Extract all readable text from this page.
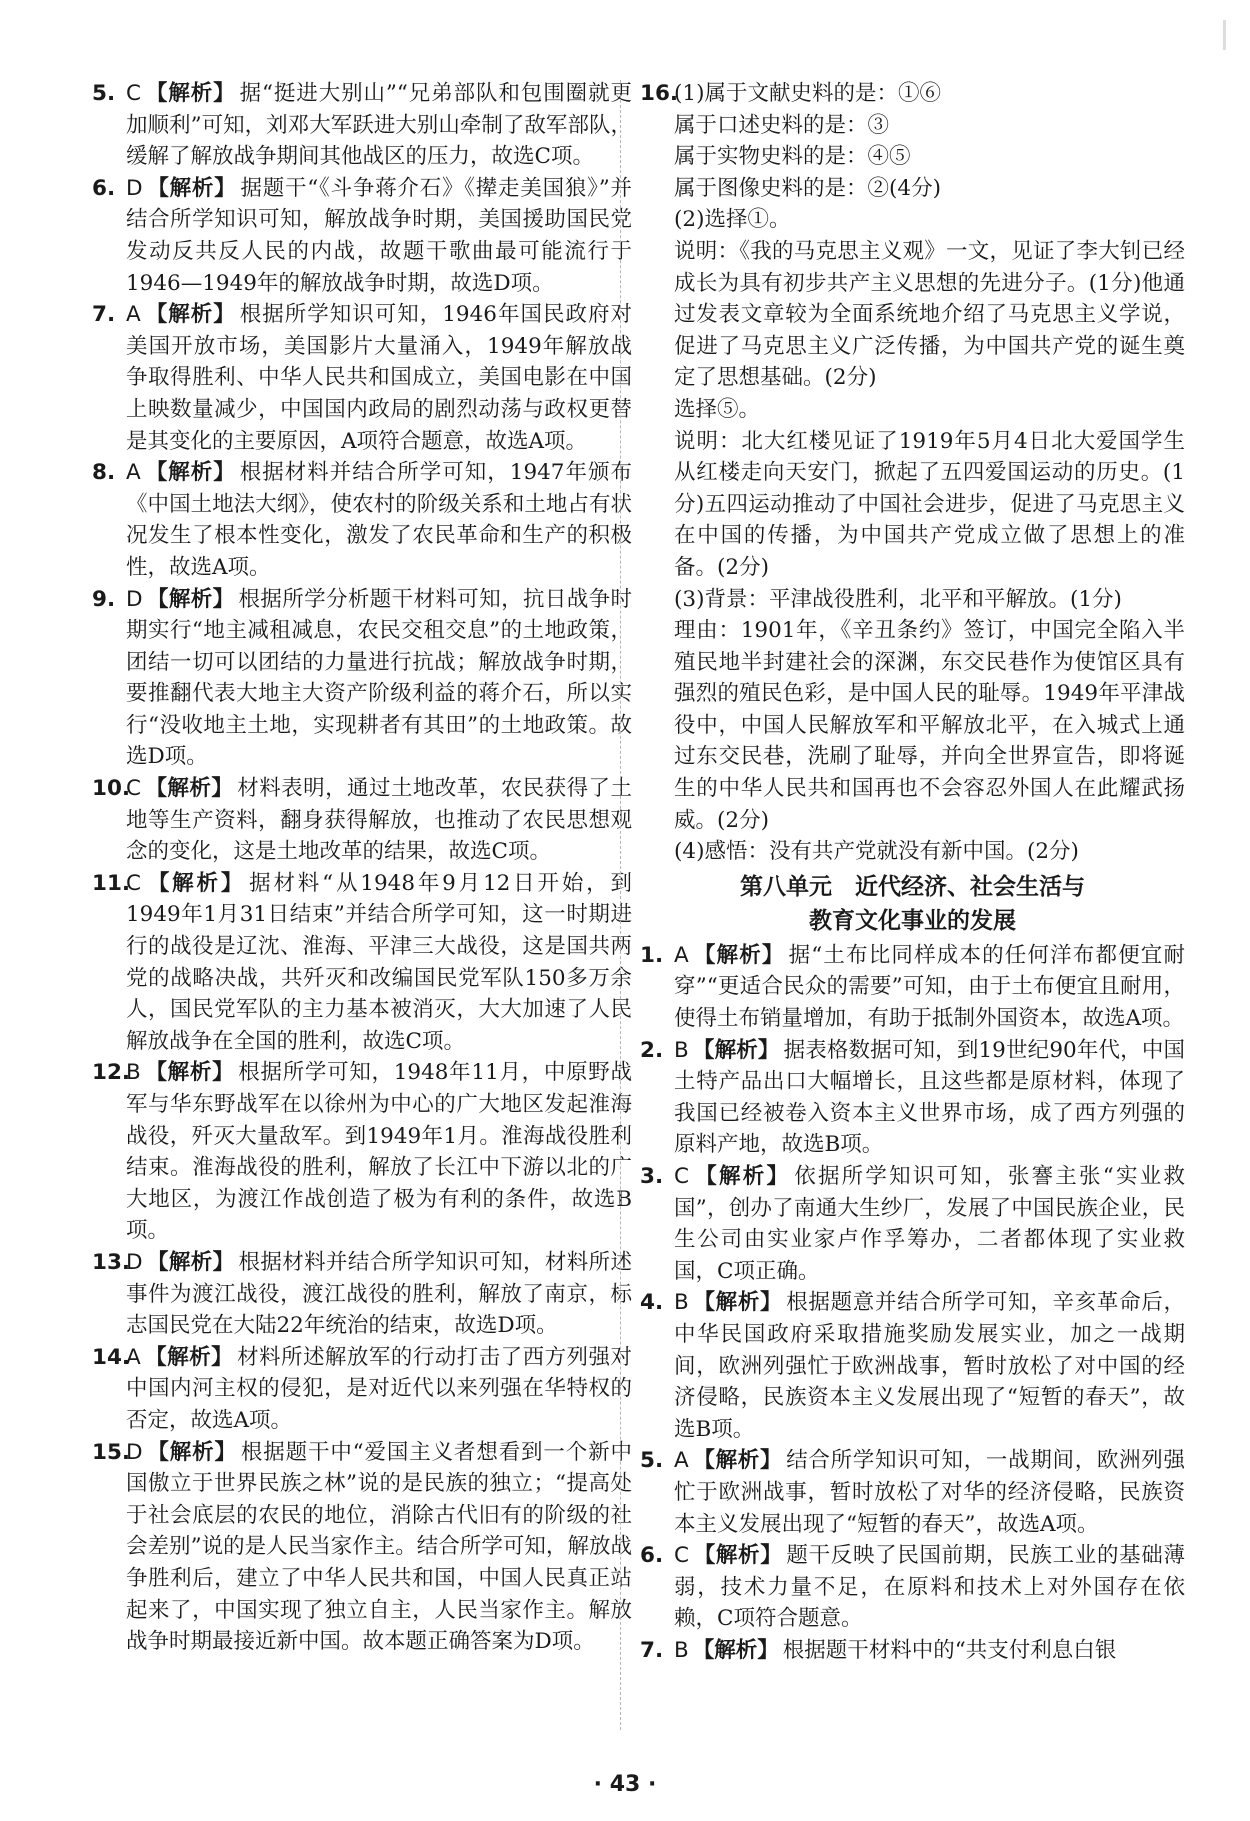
5. C 【解析】 据“挺进大别山”“兄弟部队和包围圈就更加顺利”可知，刘邓大军跃进大别山牵制了敌军部队，缓解了解放战争期间其他战区的压力，故选C项。
6. D 【解析】 据题干“《斗争蒋介石》《撵走美国狼》”并结合所学知识可知，解放战争时期，美国援助国民党发动反共反人民的内战，故题干歌曲最可能流行于1946—1949年的解放战争时期，故选D项。
7. A 【解析】 根据所学知识可知，1946年国民政府对美国开放市场，美国影片大量涌入，1949年解放战争取得胜利、中华人民共和国成立，美国电影在中国上映数量减少，中国国内政局的剧烈动荡与政权更替是其变化的主要原因，A项符合题意，故选A项。
8. A 【解析】 根据材料并结合所学可知，1947年颁布《中国土地法大纲》，使农村的阶级关系和土地占有状况发生了根本性变化，激发了农民革命和生产的积极性，故选A项。
9. D 【解析】 根据所学分析题干材料可知，抗日战争时期实行“地主减租减息，农民交租交息”的土地政策，团结一切可以团结的力量进行抗战；解放战争时期，要推翻代表大地主大资产阶级利益的蒋介石，所以实行“没收地主土地，实现耕者有其田”的土地政策。故选D项。
10.C 【解析】 材料表明，通过土地改革，农民获得了土地等生产资料，翻身获得解放，也推动了农民思想观念的变化，这是土地改革的结果，故选C项。
11.C 【解析】 据材料“从1948年9月12日开始，到1949年1月31日结束”并结合所学可知，这一时期进行的战役是辽沈、淮海、平津三大战役，这是国共两党的战略决战，共歼灭和改编国民党军队150多万余人，国民党军队的主力基本被消灭，大大加速了人民解放战争在全国的胜利，故选C项。
12.B 【解析】 根据所学可知，1948年11月，中原野战军与华东野战军在以徐州为中心的广大地区发起淮海战役，歼灭大量敌军。到1949年1月。淮海战役胜利结束。淮海战役的胜利，解放了长江中下游以北的广大地区，为渡江作战创造了极为有利的条件，故选B项。
13.D 【解析】 根据材料并结合所学知识可知，材料所述事件为渡江战役，渡江战役的胜利，解放了南京，标志国民党在大陆22年统治的结束，故选D项。
14.A 【解析】 材料所述解放军的行动打击了西方列强对中国内河主权的侵犯，是对近代以来列强在华特权的否定，故选A项。
15.D 【解析】 根据题干中“爱国主义者想看到一个新中国傲立于世界民族之林”说的是民族的独立；“提高处于社会底层的农民的地位，消除古代旧有的阶级的社会差别”说的是人民当家作主。结合所学可知，解放战争胜利后，建立了中华人民共和国，中国人民真正站起来了，中国实现了独立自主，人民当家作主。解放战争时期最接近新中国。故本题正确答案为D项。
16.(1)属于文献史料的是：①⑥
属于口述史料的是：③
属于实物史料的是：④⑤
属于图像史料的是：②(4分)
(2)选择①。
说明：《我的马克思主义观》一文，见证了李大钊已经成长为具有初步共产主义思想的先进分子。(1分)他通过发表文章较为全面系统地介绍了马克思主义学说，促进了马克思主义广泛传播，为中国共产党的诞生奠定了思想基础。(2分)
选择⑤。
说明：北大红楼见证了1919年5月4日北大爱国学生从红楼走向天安门，掀起了五四爱国运动的历史。(1分)五四运动推动了中国社会进步，促进了马克思主义在中国的传播，为中国共产党成立做了思想上的准备。(2分)
(3)背景：平津战役胜利，北平和平解放。(1分)
理由：1901年，《辛丑条约》签订，中国完全陷入半殖民地半封建社会的深渊，东交民巷作为使馆区具有强烈的殖民色彩，是中国人民的耻辱。1949年平津战役中，中国人民解放军和平解放北平，在入城式上通过东交民巷，洗刷了耻辱，并向全世界宣告，即将诞生的中华人民共和国再也不会容忍外国人在此耀武扬威。(2分)
(4)感悟：没有共产党就没有新中国。(2分)
第八单元　近代经济、社会生活与
教育文化事业的发展
1. A 【解析】 据“土布比同样成本的任何洋布都便宜耐穿”“更适合民众的需要”可知，由于土布便宜且耐用，使得土布销量增加，有助于抵制外国资本，故选A项。
2. B 【解析】 据表格数据可知，到19世纪90年代，中国土特产品出口大幅增长，且这些都是原材料，体现了我国已经被卷入资本主义世界市场，成了西方列强的原料产地，故选B项。
3. C 【解析】 依据所学知识可知，张謇主张“实业救国”，创办了南通大生纱厂，发展了中国民族企业，民生公司由实业家卢作孚筹办，二者都体现了实业救国，C项正确。
4. B 【解析】 根据题意并结合所学可知，辛亥革命后，中华民国政府采取措施奖励发展实业，加之一战期间，欧洲列强忙于欧洲战事，暂时放松了对中国的经济侵略，民族资本主义发展出现了“短暂的春天”，故选B项。
5. A 【解析】 结合所学知识可知，一战期间，欧洲列强忙于欧洲战事，暂时放松了对华的经济侵略，民族资本主义发展出现了“短暂的春天”，故选A项。
6. C 【解析】 题干反映了民国前期，民族工业的基础薄弱，技术力量不足，在原料和技术上对外国存在依赖，C项符合题意。
7. B 【解析】 根据题干材料中的“共支付利息白银
· 43 ·
